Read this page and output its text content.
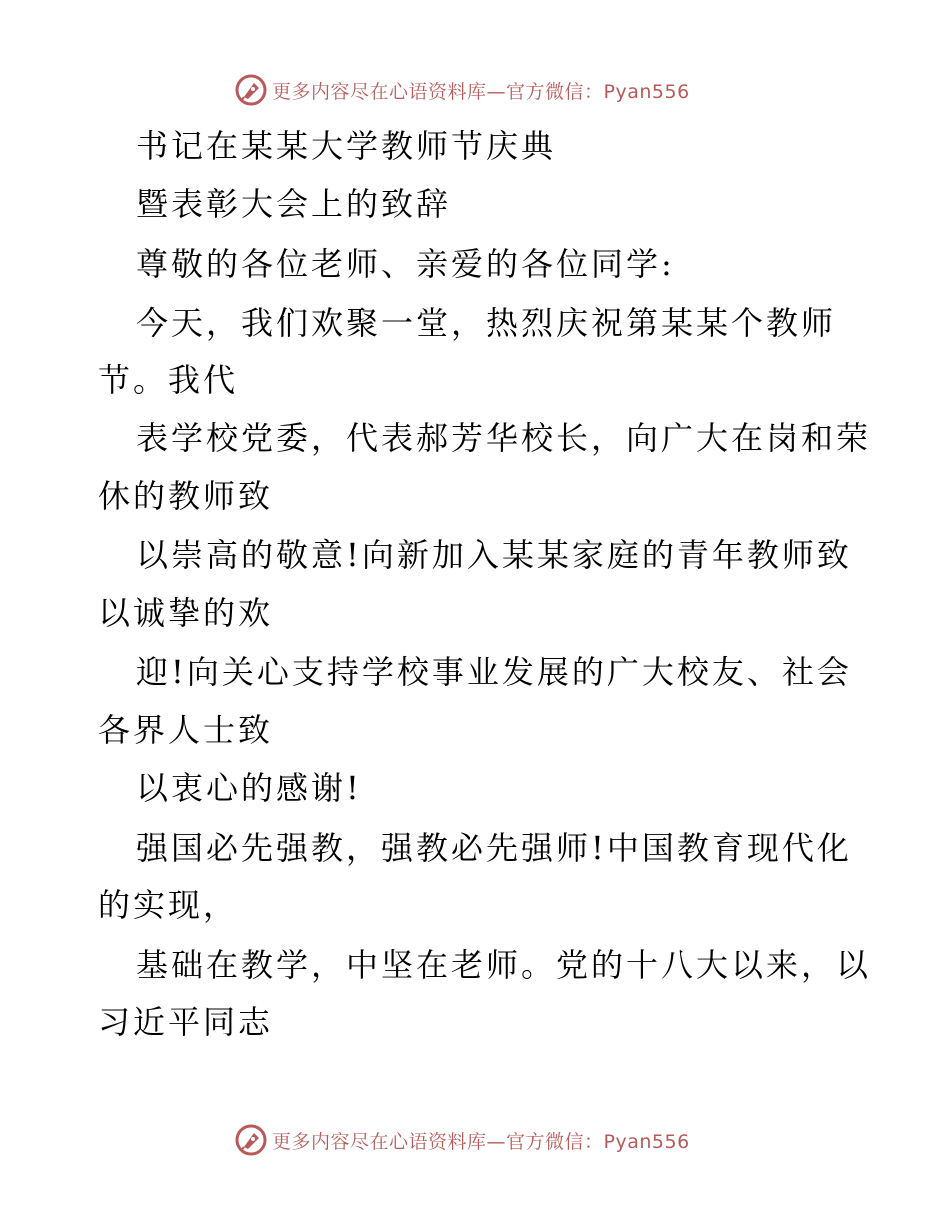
更多内容尽在心语资料库—官方微信：Pyan556
书记在某某大学教师节庆典
暨表彰大会上的致辞
尊敬的各位老师、亲爱的各位同学:
今天，我们欢聚一堂，热烈庆祝第某某个教师
节。我代
表学校党委，代表郝芳华校长，向广大在岗和荣
休的教师致
以崇高的敬意!向新加入某某家庭的青年教师致
以诚挚的欢
迎!向关心支持学校事业发展的广大校友、社会
各界人士致
以衷心的感谢!
强国必先强教，强教必先强师!中国教育现代化
的实现，
基础在教学，中坚在老师。党的十八大以来，以
习近平同志
更多内容尽在心语资料库—官方微信：Pyan556
